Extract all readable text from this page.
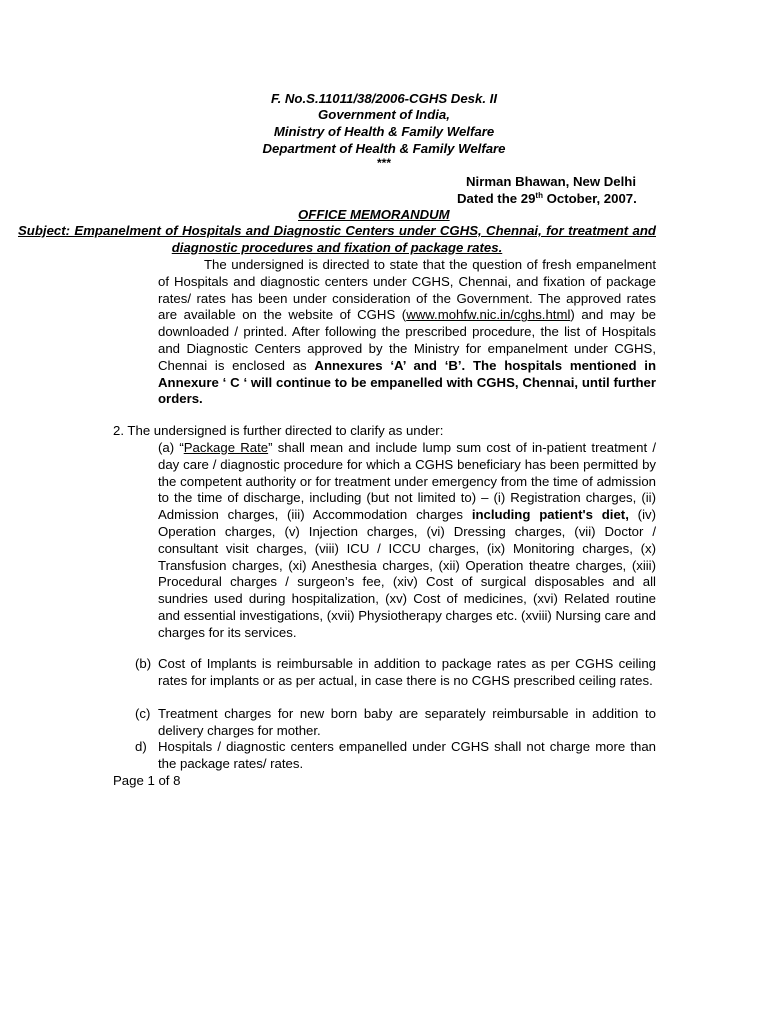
F. No.S.11011/38/2006-CGHS Desk. II
Government of India,
Ministry of Health & Family Welfare
Department of Health & Family Welfare
***
Nirman Bhawan, New Delhi
Dated the 29th October, 2007.
OFFICE MEMORANDUM
Subject: Empanelment of Hospitals and Diagnostic Centers under CGHS, Chennai, for treatment and diagnostic procedures and fixation of package rates.
The undersigned is directed to state that the question of fresh empanelment of Hospitals and diagnostic centers under CGHS, Chennai, and fixation of package rates/ rates has been under consideration of the Government. The approved rates are available on the website of CGHS (www.mohfw.nic.in/cghs.html) and may be downloaded / printed. After following the prescribed procedure, the list of Hospitals and Diagnostic Centers approved by the Ministry for empanelment under CGHS, Chennai is enclosed as Annexures ‘A’ and ‘B’. The hospitals mentioned in Annexure ‘ C ‘ will continue to be empanelled with CGHS, Chennai, until further orders.
2. The undersigned is further directed to clarify as under:
(a) “Package Rate” shall mean and include lump sum cost of in-patient treatment / day care / diagnostic procedure for which a CGHS beneficiary has been permitted by the competent authority or for treatment under emergency from the time of admission to the time of discharge, including (but not limited to) – (i) Registration charges, (ii) Admission charges, (iii) Accommodation charges including patient's diet, (iv) Operation charges, (v) Injection charges, (vi) Dressing charges, (vii) Doctor / consultant visit charges, (viii) ICU / ICCU charges, (ix) Monitoring charges, (x) Transfusion charges, (xi) Anesthesia charges, (xii) Operation theatre charges, (xiii) Procedural charges / surgeon’s fee, (xiv) Cost of surgical disposables and all sundries used during hospitalization, (xv) Cost of medicines, (xvi) Related routine and essential investigations, (xvii) Physiotherapy charges etc. (xviii) Nursing care and charges for its services.
(b) Cost of Implants is reimbursable in addition to package rates as per CGHS ceiling rates for implants or as per actual, in case there is no CGHS prescribed ceiling rates.
(c) Treatment charges for new born baby are separately reimbursable in addition to delivery charges for mother.
d) Hospitals / diagnostic centers empanelled under CGHS shall not charge more than the package rates/ rates.
Page 1 of 8
